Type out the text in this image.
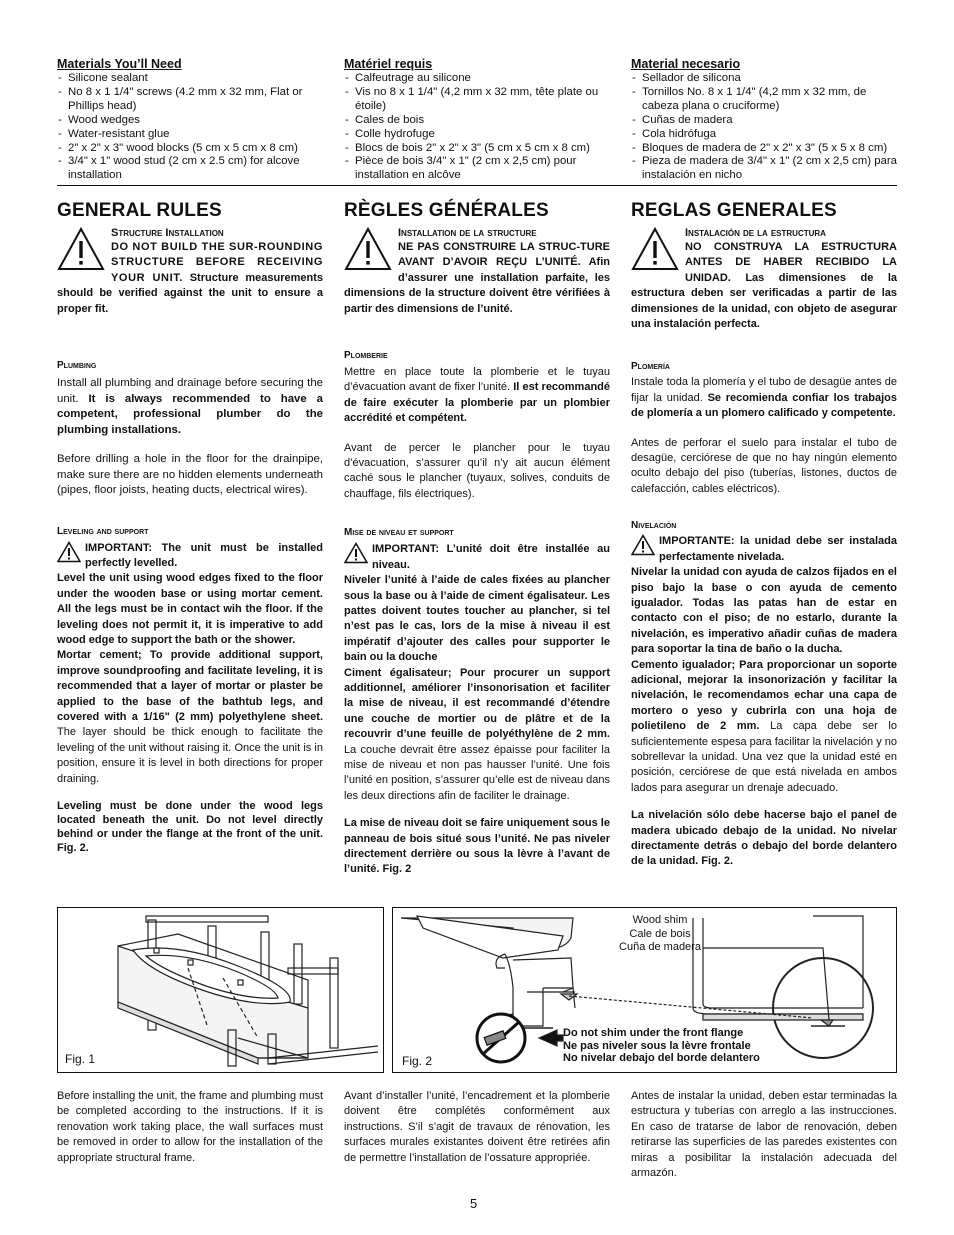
Materials You’ll Need
- Silicone sealant
- No 8 x 1 1/4" screws (4.2 mm x 32 mm, Flat or Phillips head)
- Wood wedges
- Water-resistant glue
- 2" x 2" x 3" wood blocks (5 cm x 5 cm x 8 cm)
- 3/4" x 1" wood stud (2 cm x 2.5 cm) for alcove installation
Matériel requis
- Calfeutrage au silicone
- Vis no 8 x 1 1/4" (4,2 mm x 32 mm, tête plate ou étoile)
- Cales de bois
- Colle hydrofuge
- Blocs de bois 2" x 2" x 3" (5 cm x 5 cm x 8 cm)
- Pièce de bois 3/4" x 1" (2 cm x 2,5 cm) pour installation en alcôve
Material necesario
- Sellador de silicona
- Tornillos No. 8 x 1 1/4" (4,2 mm x 32 mm, de cabeza plana o cruciforme)
- Cuñas de madera
- Cola hidrófuga
- Bloques de madera de 2" x 2" x 3" (5 x 5 x 8 cm)
- Pieza de madera de 3/4" x 1" (2 cm x 2,5 cm) para instalación en nicho
GENERAL RULES
Structure Installation
DO NOT BUILD THE SUR-ROUNDING STRUCTURE BEFORE RECEIVING YOUR UNIT. Structure measurements should be verified against the unit to ensure a proper fit.
Plumbing
Install all plumbing and drainage before securing the unit. It is always recommended to have a competent, professional plumber do the plumbing installations.
Before drilling a hole in the floor for the drainpipe, make sure there are no hidden elements underneath (pipes, floor joists, heating ducts, electrical wires).
Leveling and support
IMPORTANT: The unit must be installed perfectly levelled.
Level the unit using wood edges fixed to the floor under the wooden base or using mortar cement. All the legs must be in contact wih the floor. If the leveling does not permit it, it is imperative to add wood edge to support the bath or the shower.
Mortar cement; To provide additional support, improve soundproofing and facilitate leveling, it is recommended that a layer of mortar or plaster be applied to the base of the bathtub legs, and covered with a 1/16" (2 mm) polyethylene sheet. The layer should be thick enough to facilitate the leveling of the unit without raising it. Once the unit is in position, ensure it is level in both directions for proper draining.
Leveling must be done under the wood legs located beneath the unit. Do not level directly behind or under the flange at the front of the unit. Fig. 2.
RÈGLES GÉNÉRALES
Installation de la structure
NE PAS CONSTRUIRE LA STRUC-TURE AVANT D’AVOIR REÇU L’UNITÉ. Afin d’assurer une installation parfaite, les dimensions de la structure doivent être vérifiées à partir des dimensions de l’unité.
Plomberie
Mettre en place toute la plomberie et le tuyau d’évacuation avant de fixer l’unité. Il est recommandé de faire exécuter la plomberie par un plombier accrédité et compétent.
Avant de percer le plancher pour le tuyau d’évacuation, s’assurer qu’il n’y ait aucun élément caché sous le plancher (tuyaux, solives, conduits de chauffage, fils électriques).
Mise de niveau et support
IMPORTANT: L’unité doit être installée au niveau.
Niveler l’unité à l’aide de cales fixées au plancher sous la base ou à l’aide de ciment égalisateur. Les pattes doivent toutes toucher au plancher, si tel n’est pas le cas, lors de la mise à niveau il est impératif d’ajouter des calles pour supporter le bain ou la douche
Ciment égalisateur; Pour procurer un support additionnel, améliorer l’insonorisation et faciliter la mise de niveau, il est recommandé d’étendre une couche de mortier ou de plâtre et de la recouvrir d’une feuille de polyéthylène de 2 mm. La couche devrait être assez épaisse pour faciliter la mise de niveau et non pas hausser l’unité. Une fois l’unité en position, s’assurer qu’elle est de niveau dans les deux directions afin de faciliter le drainage.
La mise de niveau doit se faire uniquement sous le panneau de bois situé sous l’unité. Ne pas niveler directement derrière ou sous la lèvre à l’avant de l’unité. Fig. 2
REGLAS GENERALES
Instalación de la estructura
NO CONSTRUYA LA ESTRUCTURA ANTES DE HABER RECIBIDO LA UNIDAD. Las dimensiones de la estructura deben ser verificadas a partir de las dimensiones de la unidad, con objeto de asegurar una instalación perfecta.
Plomería
Instale toda la plomería y el tubo de desagüe antes de fijar la unidad. Se recomienda confiar los trabajos de plomería a un plomero calificado y competente.
Antes de perforar el suelo para instalar el tubo de desagüe, cerciórese de que no hay ningún elemento oculto debajo del piso (tuberías, listones, ductos de calefacción, cables eléctricos).
Nivelación
IMPORTANTE: la unidad debe ser instalada perfectamente nivelada.
Nivelar la unidad con ayuda de calzos fijados en el piso bajo la base o con ayuda de cemento igualador. Todas las patas han de estar en contacto con el piso; de no estarlo, durante la nivelación, es imperativo añadir cuñas de madera para soportar la tina de baño o la ducha.
Cemento igualador; Para proporcionar un soporte adicional, mejorar la insonorización y facilitar la nivelación, le recomendamos echar una capa de mortero o yeso y cubrirla con una hoja de polietileno de 2 mm. La capa debe ser lo suficientemente espesa para facilitar la nivelación y no sobrellevar la unidad. Una vez que la unidad esté en posición, cerciórese de que está nivelada en ambos lados para asegurar un drenaje adecuado.
La nivelación sólo debe hacerse bajo el panel de madera ubicado debajo de la unidad. No nivelar directamente detrás o debajo del borde delantero de la unidad. Fig. 2.
Fig. 1
Wood shim
Cale de bois
Cuña de madera
Do not shim under the front flange
Ne pas niveler sous la lèvre frontale
No nivelar debajo del borde delantero
Fig. 2
Before installing the unit, the frame and plumbing must be completed according to the instructions. If it is renovation work taking place, the wall surfaces must be removed in order to allow for the installation of the appropriate structural frame.
Avant d’installer l’unité, l’encadrement et la plomberie doivent être complétés conformément aux instructions. S’il s’agit de travaux de rénovation, les surfaces murales existantes doivent être retirées afin de permettre l’installation de l’ossature appropriée.
Antes de instalar la unidad, deben estar terminadas la estructura y tuberías con arreglo a las instrucciones. En caso de tratarse de labor de renovación, deben retirarse las superficies de las paredes existentes con miras a posibilitar la instalación adecuada del armazón.
5
